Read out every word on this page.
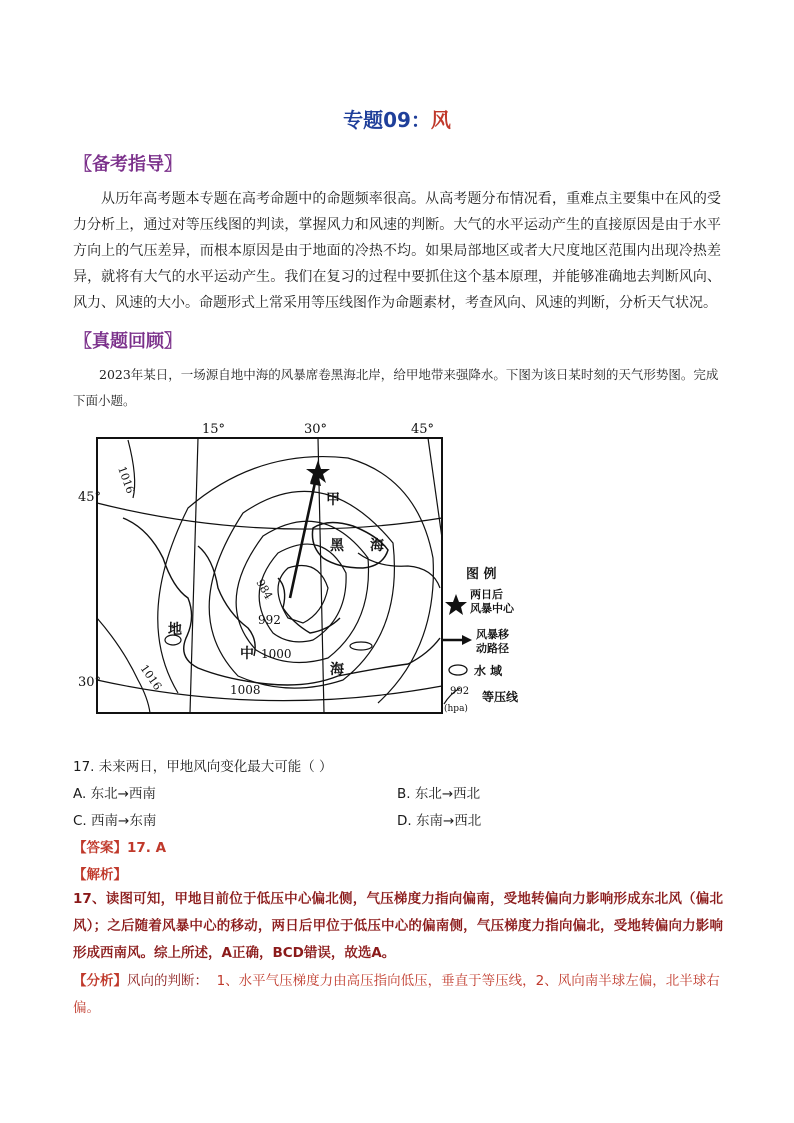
专题09：风
〖备考指导〗

从历年高考题本专题在高考命题中的命题频率很高。从高考题分布情况看，重难点主要集中在风的受力分析上，通过对等压线图的判读，掌握风力和风速的判断。大气的水平运动产生的直接原因是由于水平方向上的气压差异，而根本原因是由于地面的冷热不均。如果局部地区或者大尺度地区范围内出现冷热差异，就将有大气的水平运动产生。我们在复习的过程中要抓住这个基本原理，并能够准确地去判断风向、风力、风速的大小。命题形式上常采用等压线图作为命题素材，考查风向、风速的判断，分析天气状况。

〖真题回顾〗

2023年某日，一场源自地中海的风暴席卷黑海北岸，给甲地带来强降水。下图为该日某时刻的天气形势图。完成下面小题。

15°	30°	45°
45°
30°
1016
984
992
1000
1008
1016
甲
黑 海
地
中
海
图 例
两日后
风暴中心
风暴移
动路径
水 域
992
(hpa)
等压线
17. 未来两日，甲地风向变化最大可能（ ）
A. 东北→西南	B. 东北→西北
C. 西南→东南	D. 东南→西北
【答案】17. A
【解析】
17、读图可知，甲地目前位于低压中心偏北侧，气压梯度力指向偏南，受地转偏向力影响形成东北风（偏北风）；之后随着风暴中心的移动，两日后甲位于低压中心的偏南侧，气压梯度力指向偏北，受地转偏向力影响形成西南风。综上所述，A正确，BCD错误，故选A。
【分析】风向的判断： 1、水平气压梯度力由高压指向低压，垂直于等压线，2、风向南半球左偏，北半球右偏。
